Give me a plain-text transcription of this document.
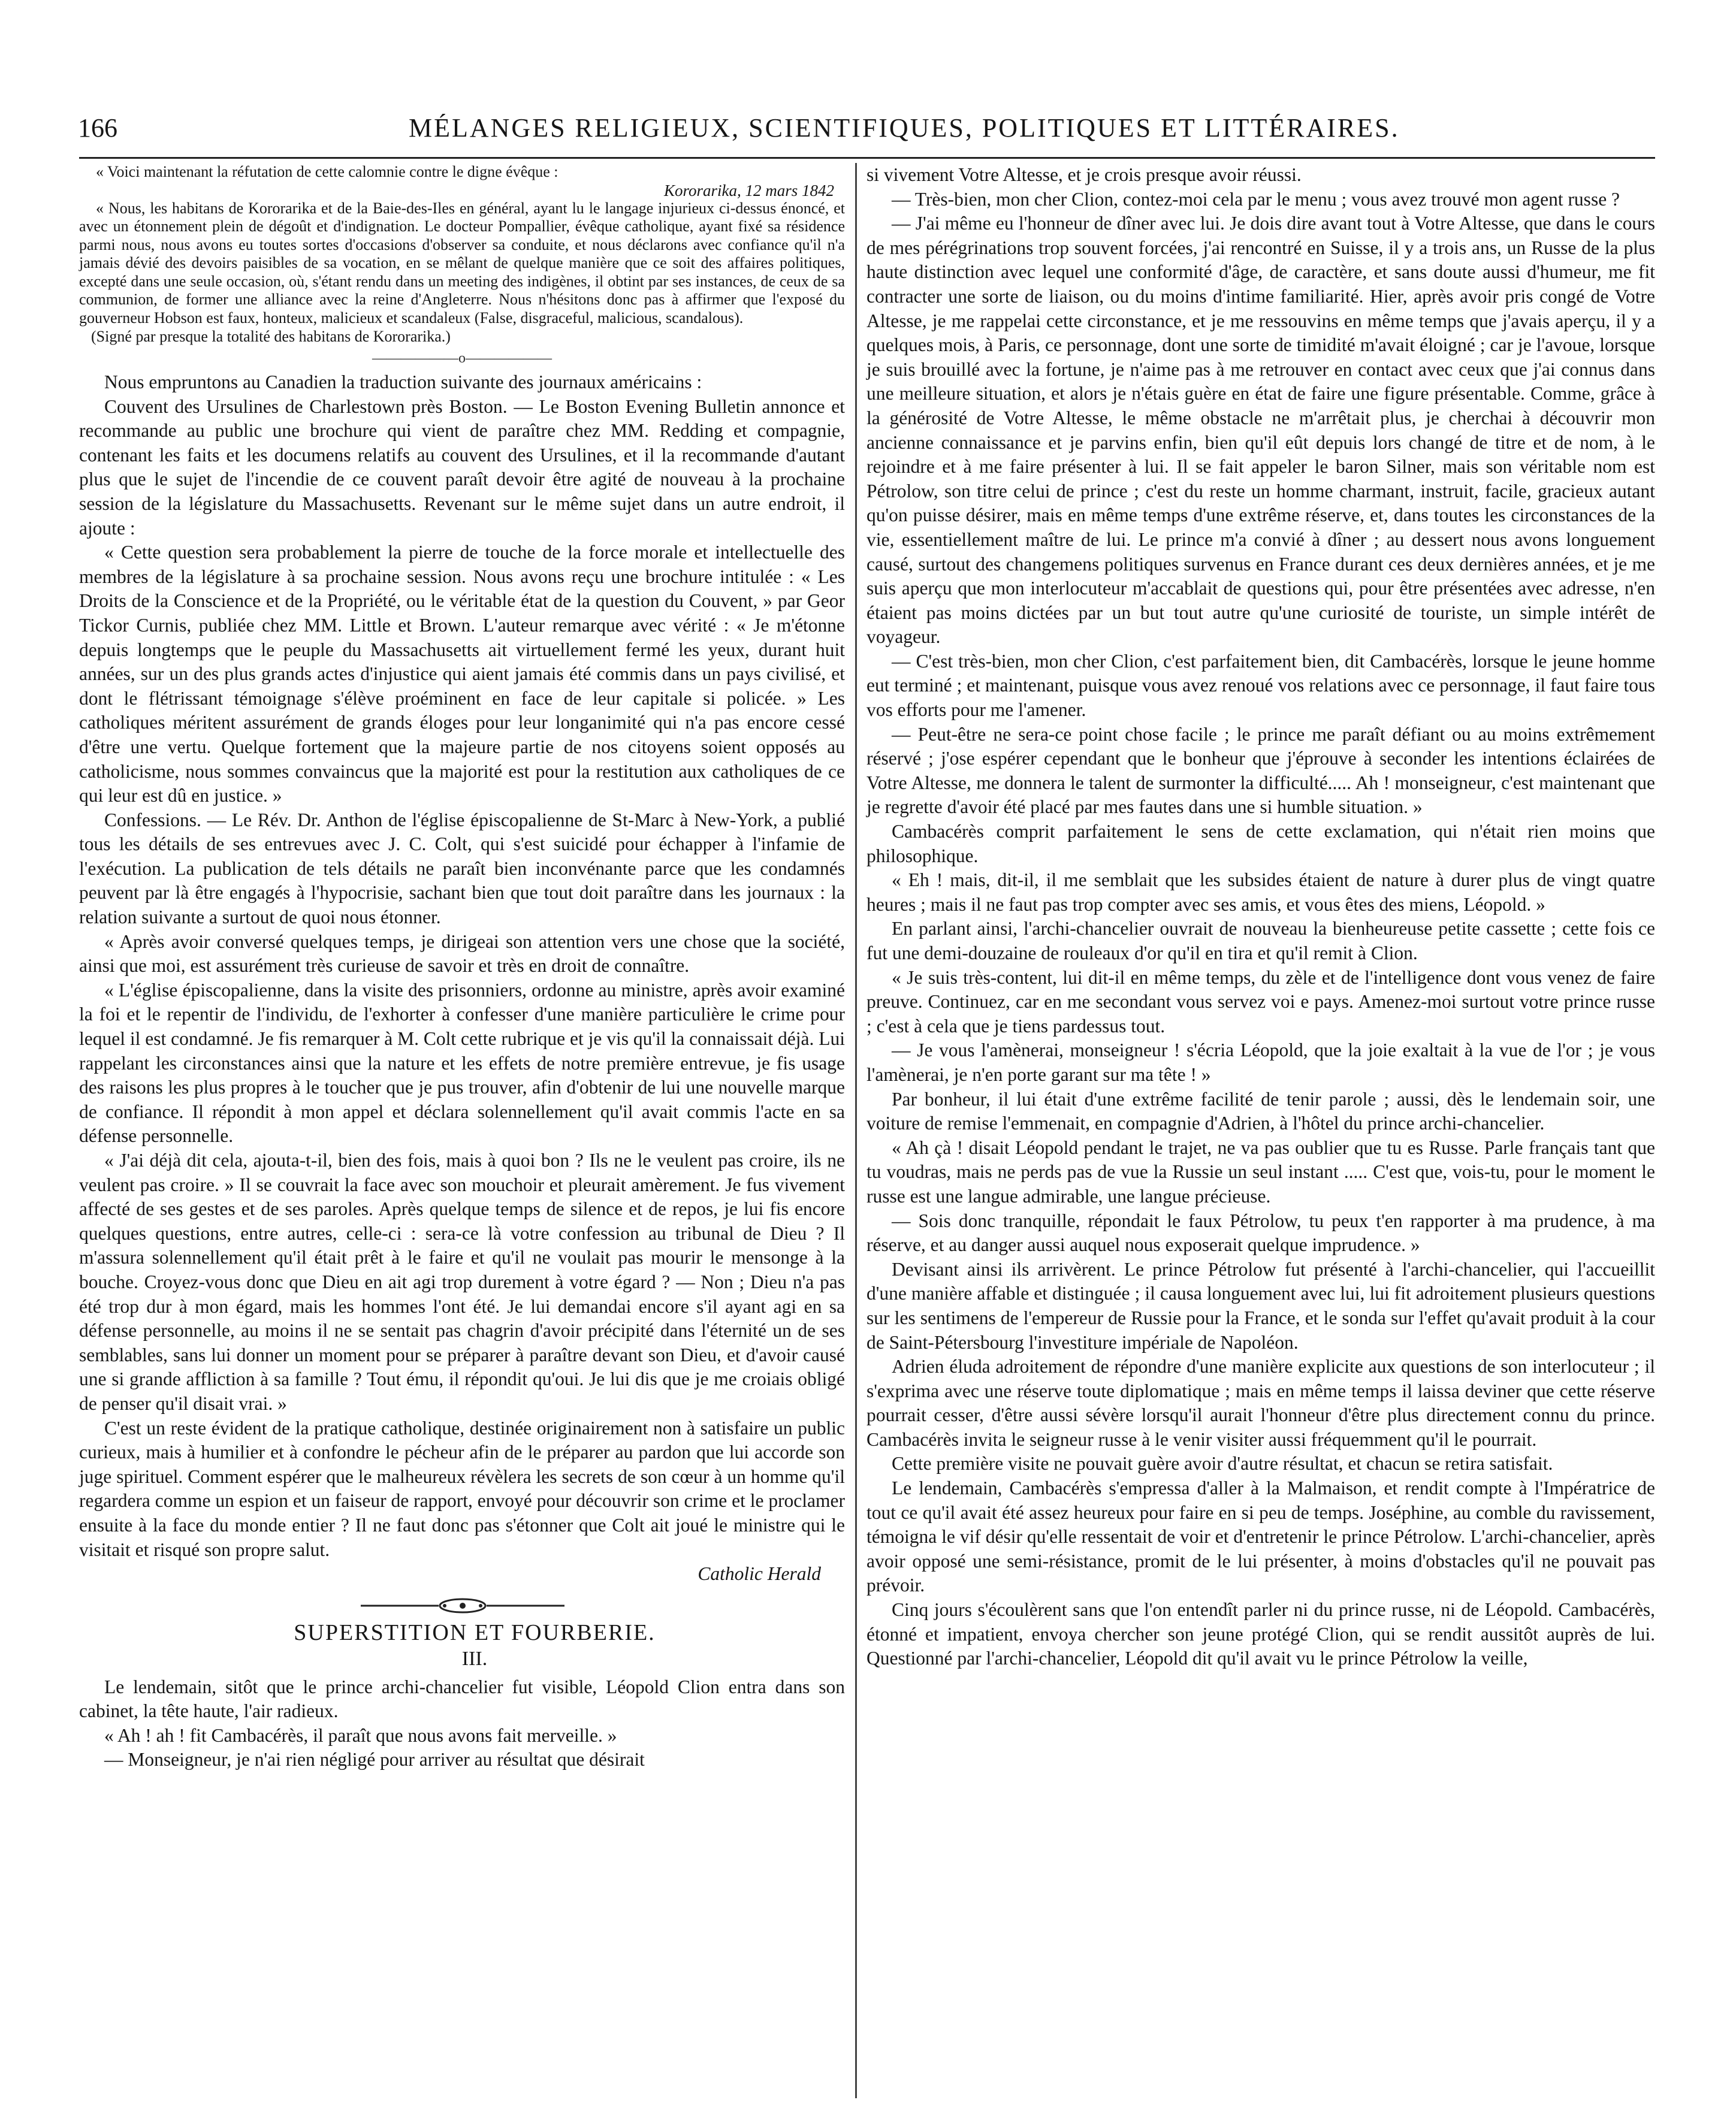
166	MÉLANGES RELIGIEUX, SCIENTIFIQUES, POLITIQUES ET LITTÉRAIRES.

« Voici maintenant la réfutation de cette calomnie contre le digne évêque :

Kororarika, 12 mars 1842

« Nous, les habitans de Kororarika et de la Baie-des-Iles en général, ayant lu le langage injurieux ci-dessus énoncé, et avec un étonnement plein de dégoût et d'indignation. Le docteur Pompallier, évêque catholique, ayant fixé sa résidence parmi nous, nous avons eu toutes sortes d'occasions d'observer sa conduite, et nous déclarons avec confiance qu'il n'a jamais dévié des devoirs paisibles de sa vocation, en se mêlant de quelque manière que ce soit des affaires politiques, excepté dans une seule occasion, où, s'étant rendu dans un meeting des indigènes, il obtint par ses instances, de ceux de sa communion, de former une alliance avec la reine d'Angleterre. Nous n'hésitons donc pas à affirmer que l'exposé du gouverneur Hobson est faux, honteux, malicieux et scandaleux (False, disgraceful, malicious, scandalous).

(Signé par presque la totalité des habitans de Kororarika.)

——————o——————

Nous empruntons au Canadien la traduction suivante des journaux américains :

Couvent des Ursulines de Charlestown près Boston. — Le Boston Evening Bulletin annonce et recommande au public une brochure qui vient de paraître chez MM. Redding et compagnie, contenant les faits et les documens relatifs au couvent des Ursulines, et il la recommande d'autant plus que le sujet de l'incendie de ce couvent paraît devoir être agité de nouveau à la prochaine session de la législature du Massachusetts. Revenant sur le même sujet dans un autre endroit, il ajoute :

« Cette question sera probablement la pierre de touche de la force morale et intellectuelle des membres de la législature à sa prochaine session. Nous avons reçu une brochure intitulée : « Les Droits de la Conscience et de la Propriété, ou le véritable état de la question du Couvent, » par Geor Tickor Curnis, publiée chez MM. Little et Brown. L'auteur remarque avec vérité : « Je m'étonne depuis longtemps que le peuple du Massachusetts ait virtuellement fermé les yeux, durant huit années, sur un des plus grands actes d'injustice qui aient jamais été commis dans un pays civilisé, et dont le flétrissant témoignage s'élève proéminent en face de leur capitale si policée. » Les catholiques méritent assurément de grands éloges pour leur longanimité qui n'a pas encore cessé d'être une vertu. Quelque fortement que la majeure partie de nos citoyens soient opposés au catholicisme, nous sommes convaincus que la majorité est pour la restitution aux catholiques de ce qui leur est dû en justice. »

Confessions. — Le Rév. Dr. Anthon de l'église épiscopalienne de St-Marc à New-York, a publié tous les détails de ses entrevues avec J. C. Colt, qui s'est suicidé pour échapper à l'infamie de l'exécution. La publication de tels détails ne paraît bien inconvénante parce que les condamnés peuvent par là être engagés à l'hypocrisie, sachant bien que tout doit paraître dans les journaux : la relation suivante a surtout de quoi nous étonner.

« Après avoir conversé quelques temps, je dirigeai son attention vers une chose que la société, ainsi que moi, est assurément très curieuse de savoir et très en droit de connaître.

« L'église épiscopalienne, dans la visite des prisonniers, ordonne au ministre, après avoir examiné la foi et le repentir de l'individu, de l'exhorter à confesser d'une manière particulière le crime pour lequel il est condamné. Je fis remarquer à M. Colt cette rubrique et je vis qu'il la connaissait déjà. Lui rappelant les circonstances ainsi que la nature et les effets de notre première entrevue, je fis usage des raisons les plus propres à le toucher que je pus trouver, afin d'obtenir de lui une nouvelle marque de confiance. Il répondit à mon appel et déclara solennellement qu'il avait commis l'acte en sa défense personnelle.

« J'ai déjà dit cela, ajouta-t-il, bien des fois, mais à quoi bon ? Ils ne le veulent pas croire, ils ne veulent pas croire. » Il se couvrait la face avec son mouchoir et pleurait amèrement. Je fus vivement affecté de ses gestes et de ses paroles. Après quelque temps de silence et de repos, je lui fis encore quelques questions, entre autres, celle-ci : sera-ce là votre confession au tribunal de Dieu ? Il m'assura solennellement qu'il était prêt à le faire et qu'il ne voulait pas mourir le mensonge à la bouche. Croyez-vous donc que Dieu en ait agi trop durement à votre égard ? — Non ; Dieu n'a pas été trop dur à mon égard, mais les hommes l'ont été. Je lui demandai encore s'il ayant agi en sa défense personnelle, au moins il ne se sentait pas chagrin d'avoir précipité dans l'éternité un de ses semblables, sans lui donner un moment pour se préparer à paraître devant son Dieu, et d'avoir causé une si grande affliction à sa famille ? Tout ému, il répondit qu'oui. Je lui dis que je me croiais obligé de penser qu'il disait vrai. »

C'est un reste évident de la pratique catholique, destinée originairement non à satisfaire un public curieux, mais à humilier et à confondre le pécheur afin de le préparer au pardon que lui accorde son juge spirituel. Comment espérer que le malheureux révèlera les secrets de son cœur à un homme qu'il regardera comme un espion et un faiseur de rapport, envoyé pour découvrir son crime et le proclamer ensuite à la face du monde entier ? Il ne faut donc pas s'étonner que Colt ait joué le ministre qui le visitait et risqué son propre salut.

Catholic Herald

SUPERSTITION ET FOURBERIE.

III.

Le lendemain, sitôt que le prince archi-chancelier fut visible, Léopold Clion entra dans son cabinet, la tête haute, l'air radieux.

« Ah ! ah ! fit Cambacérès, il paraît que nous avons fait merveille. »

— Monseigneur, je n'ai rien négligé pour arriver au résultat que désirait

si vivement Votre Altesse, et je crois presque avoir réussi.

— Très-bien, mon cher Clion, contez-moi cela par le menu ; vous avez trouvé mon agent russe ?

— J'ai même eu l'honneur de dîner avec lui. Je dois dire avant tout à Votre Altesse, que dans le cours de mes pérégrinations trop souvent forcées, j'ai rencontré en Suisse, il y a trois ans, un Russe de la plus haute distinction avec lequel une conformité d'âge, de caractère, et sans doute aussi d'humeur, me fit contracter une sorte de liaison, ou du moins d'intime familiarité. Hier, après avoir pris congé de Votre Altesse, je me rappelai cette circonstance, et je me ressouvins en même temps que j'avais aperçu, il y a quelques mois, à Paris, ce personnage, dont une sorte de timidité m'avait éloigné ; car je l'avoue, lorsque je suis brouillé avec la fortune, je n'aime pas à me retrouver en contact avec ceux que j'ai connus dans une meilleure situation, et alors je n'étais guère en état de faire une figure présentable. Comme, grâce à la générosité de Votre Altesse, le même obstacle ne m'arrêtait plus, je cherchai à découvrir mon ancienne connaissance et je parvins enfin, bien qu'il eût depuis lors changé de titre et de nom, à le rejoindre et à me faire présenter à lui. Il se fait appeler le baron Silner, mais son véritable nom est Pétrolow, son titre celui de prince ; c'est du reste un homme charmant, instruit, facile, gracieux autant qu'on puisse désirer, mais en même temps d'une extrême réserve, et, dans toutes les circonstances de la vie, essentiellement maître de lui. Le prince m'a convié à dîner ; au dessert nous avons longuement causé, surtout des changemens politiques survenus en France durant ces deux dernières années, et je me suis aperçu que mon interlocuteur m'accablait de questions qui, pour être présentées avec adresse, n'en étaient pas moins dictées par un but tout autre qu'une curiosité de touriste, un simple intérêt de voyageur.

— C'est très-bien, mon cher Clion, c'est parfaitement bien, dit Cambacérès, lorsque le jeune homme eut terminé ; et maintenant, puisque vous avez renoué vos relations avec ce personnage, il faut faire tous vos efforts pour me l'amener.

— Peut-être ne sera-ce point chose facile ; le prince me paraît défiant ou au moins extrêmement réservé ; j'ose espérer cependant que le bonheur que j'éprouve à seconder les intentions éclairées de Votre Altesse, me donnera le talent de surmonter la difficulté..... Ah ! monseigneur, c'est maintenant que je regrette d'avoir été placé par mes fautes dans une si humble situation. »

Cambacérès comprit parfaitement le sens de cette exclamation, qui n'était rien moins que philosophique.

« Eh ! mais, dit-il, il me semblait que les subsides étaient de nature à durer plus de vingt quatre heures ; mais il ne faut pas trop compter avec ses amis, et vous êtes des miens, Léopold. »

En parlant ainsi, l'archi-chancelier ouvrait de nouveau la bienheureuse petite cassette ; cette fois ce fut une demi-douzaine de rouleaux d'or qu'il en tira et qu'il remit à Clion.

« Je suis très-content, lui dit-il en même temps, du zèle et de l'intelligence dont vous venez de faire preuve. Continuez, car en me secondant vous servez voi e pays. Amenez-moi surtout votre prince russe ; c'est à cela que je tiens pardessus tout.

— Je vous l'amènerai, monseigneur ! s'écria Léopold, que la joie exaltait à la vue de l'or ; je vous l'amènerai, je n'en porte garant sur ma tête ! »

Par bonheur, il lui était d'une extrême facilité de tenir parole ; aussi, dès le lendemain soir, une voiture de remise l'emmenait, en compagnie d'Adrien, à l'hôtel du prince archi-chancelier.

« Ah çà ! disait Léopold pendant le trajet, ne va pas oublier que tu es Russe. Parle français tant que tu voudras, mais ne perds pas de vue la Russie un seul instant ..... C'est que, vois-tu, pour le moment le russe est une langue admirable, une langue précieuse.

— Sois donc tranquille, répondait le faux Pétrolow, tu peux t'en rapporter à ma prudence, à ma réserve, et au danger aussi auquel nous exposerait quelque imprudence. »

Devisant ainsi ils arrivèrent. Le prince Pétrolow fut présenté à l'archi-chancelier, qui l'accueillit d'une manière affable et distinguée ; il causa longuement avec lui, lui fit adroitement plusieurs questions sur les sentimens de l'empereur de Russie pour la France, et le sonda sur l'effet qu'avait produit à la cour de Saint-Pétersbourg l'investiture impériale de Napoléon.

Adrien éluda adroitement de répondre d'une manière explicite aux questions de son interlocuteur ; il s'exprima avec une réserve toute diplomatique ; mais en même temps il laissa deviner que cette réserve pourrait cesser, d'être aussi sévère lorsqu'il aurait l'honneur d'être plus directement connu du prince. Cambacérès invita le seigneur russe à le venir visiter aussi fréquemment qu'il le pourrait.

Cette première visite ne pouvait guère avoir d'autre résultat, et chacun se retira satisfait.

Le lendemain, Cambacérès s'empressa d'aller à la Malmaison, et rendit compte à l'Impératrice de tout ce qu'il avait été assez heureux pour faire en si peu de temps. Joséphine, au comble du ravissement, témoigna le vif désir qu'elle ressentait de voir et d'entretenir le prince Pétrolow. L'archi-chancelier, après avoir opposé une semi-résistance, promit de le lui présenter, à moins d'obstacles qu'il ne pouvait pas prévoir.

Cinq jours s'écoulèrent sans que l'on entendît parler ni du prince russe, ni de Léopold. Cambacérès, étonné et impatient, envoya chercher son jeune protégé Clion, qui se rendit aussitôt auprès de lui. Questionné par l'archi-chancelier, Léopold dit qu'il avait vu le prince Pétrolow la veille,
